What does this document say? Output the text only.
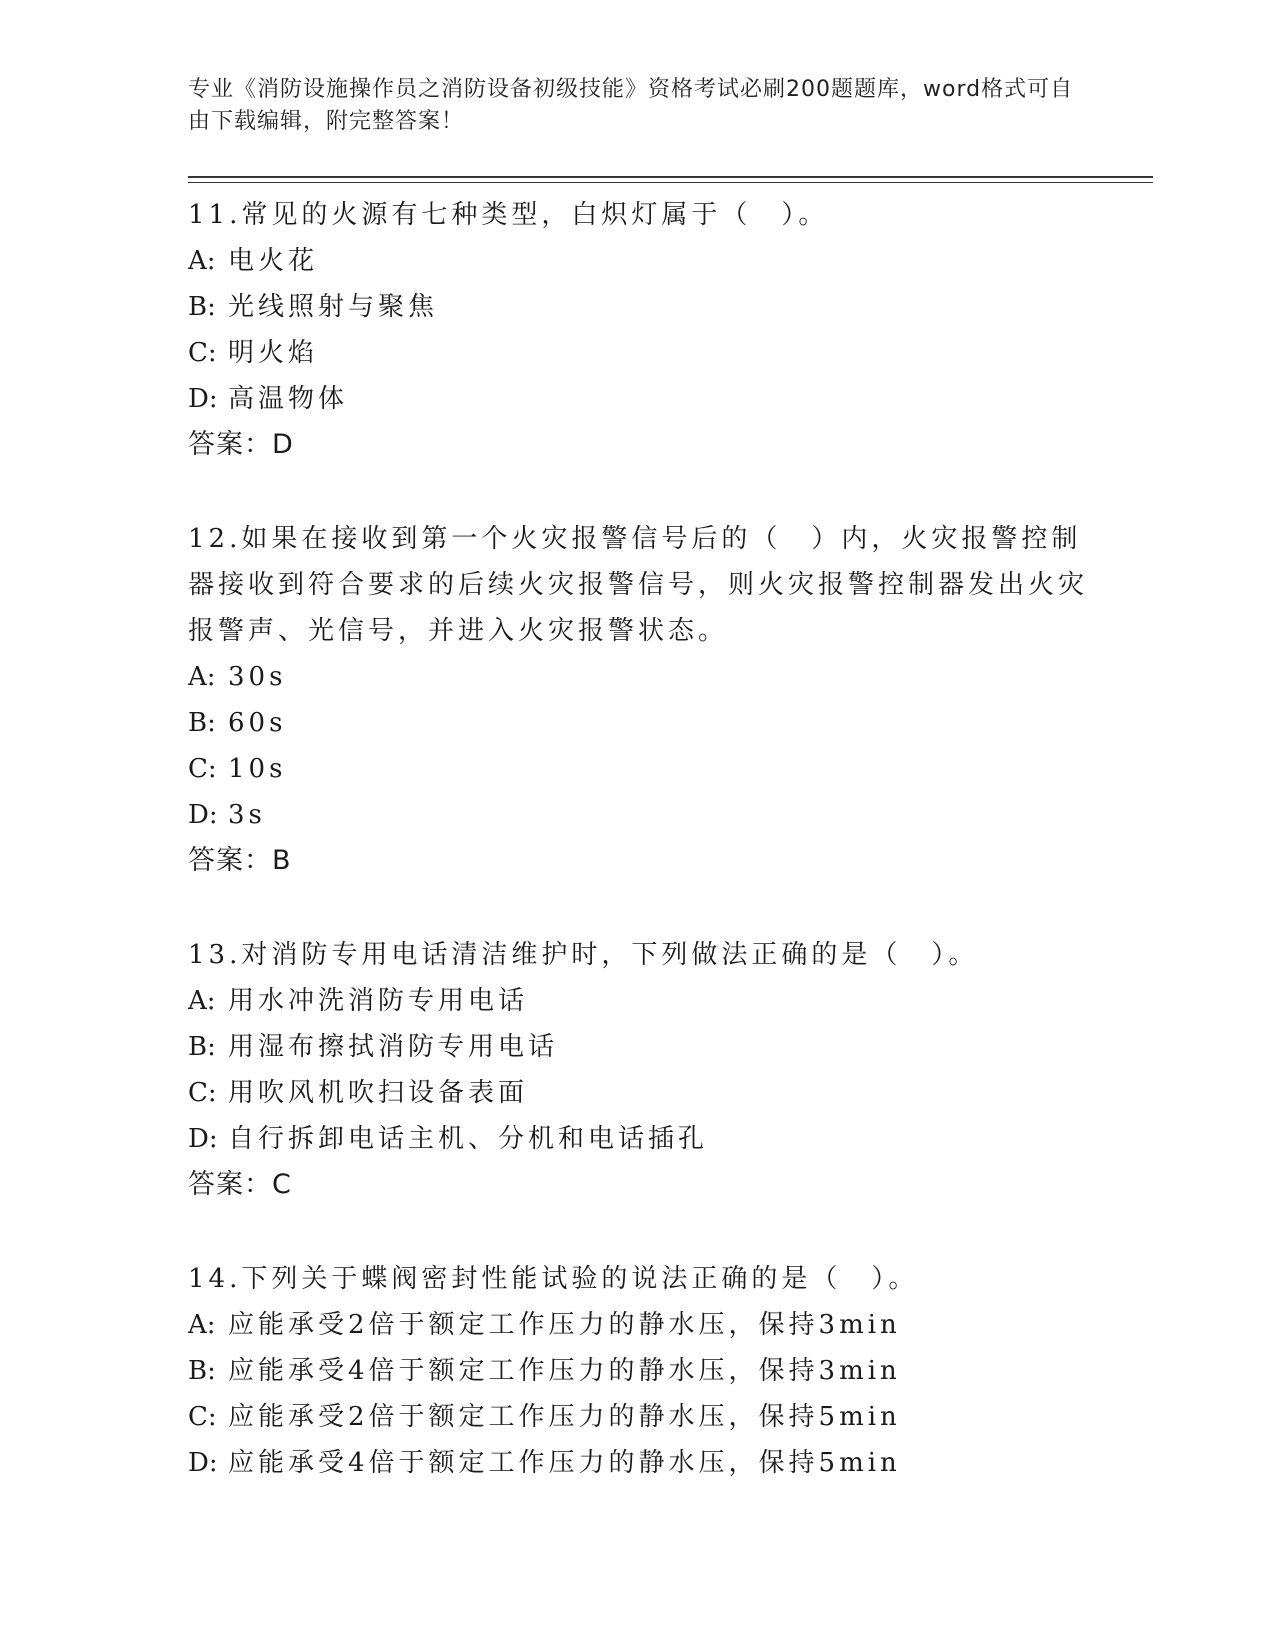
专业《消防设施操作员之消防设备初级技能》资格考试必刷200题题库，word格式可自由下载编辑，附完整答案！

11.常见的火源有七种类型，白炽灯属于（　）。

A: 电火花

B: 光线照射与聚焦

C: 明火焰

D: 高温物体

答案：D

12.如果在接收到第一个火灾报警信号后的（　）内，火灾报警控制器接收到符合要求的后续火灾报警信号，则火灾报警控制器发出火灾报警声、光信号，并进入火灾报警状态。

A: 30s

B: 60s

C: 10s

D: 3s

答案：B

13.对消防专用电话清洁维护时，下列做法正确的是（　）。

A: 用水冲洗消防专用电话

B: 用湿布擦拭消防专用电话

C: 用吹风机吹扫设备表面

D: 自行拆卸电话主机、分机和电话插孔

答案：C

14.下列关于蝶阀密封性能试验的说法正确的是（　）。

A: 应能承受2倍于额定工作压力的静水压，保持3min

B: 应能承受4倍于额定工作压力的静水压，保持3min

C: 应能承受2倍于额定工作压力的静水压，保持5min

D: 应能承受4倍于额定工作压力的静水压，保持5min
